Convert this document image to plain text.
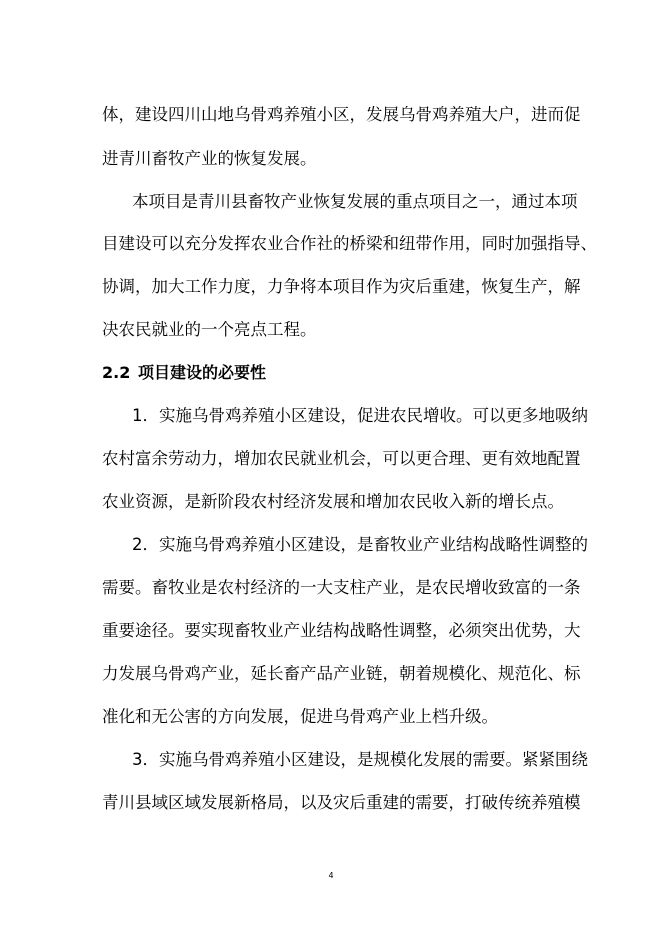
体，建设四川山地乌骨鸡养殖小区，发展乌骨鸡养殖大户，进而促
进青川畜牧产业的恢复发展。
本项目是青川县畜牧产业恢复发展的重点项目之一，通过本项
目建设可以充分发挥农业合作社的桥梁和纽带作用，同时加强指导、
协调，加大工作力度，力争将本项目作为灾后重建，恢复生产，解
决农民就业的一个亮点工程。
2.2 项目建设的必要性
1．实施乌骨鸡养殖小区建设，促进农民增收。可以更多地吸纳
农村富余劳动力，增加农民就业机会，可以更合理、更有效地配置
农业资源，是新阶段农村经济发展和增加农民收入新的增长点。
2．实施乌骨鸡养殖小区建设，是畜牧业产业结构战略性调整的
需要。畜牧业是农村经济的一大支柱产业，是农民增收致富的一条
重要途径。要实现畜牧业产业结构战略性调整，必须突出优势，大
力发展乌骨鸡产业，延长畜产品产业链，朝着规模化、规范化、标
准化和无公害的方向发展，促进乌骨鸡产业上档升级。
3．实施乌骨鸡养殖小区建设，是规模化发展的需要。紧紧围绕
青川县域区域发展新格局，以及灾后重建的需要，打破传统养殖模
4
